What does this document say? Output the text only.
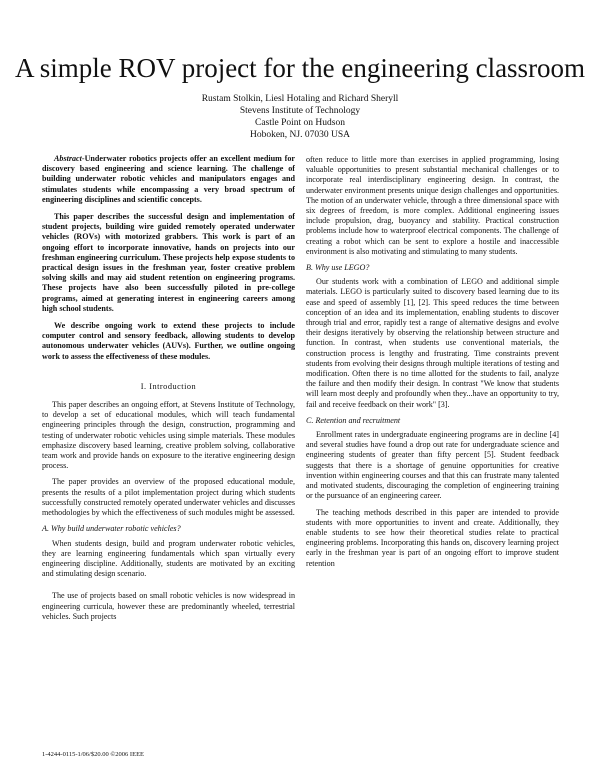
A simple ROV project for the engineering classroom
Rustam Stolkin, Liesl Hotaling and Richard Sheryll
Stevens Institute of Technology
Castle Point on Hudson
Hoboken, NJ. 07030 USA

Abstract-Underwater robotics projects offer an excellent medium for discovery based engineering and science learning. The challenge of building underwater robotic vehicles and manipulators engages and stimulates students while encompassing a very broad spectrum of engineering disciplines and scientific concepts.

This paper describes the successful design and implementation of student projects, building wire guided remotely operated underwater vehicles (ROVs) with motorized grabbers. This work is part of an ongoing effort to incorporate innovative, hands on projects into our freshman engineering curriculum. These projects help expose students to practical design issues in the freshman year, foster creative problem solving skills and may aid student retention on engineering programs. These projects have also been successfully piloted in pre-college programs, aimed at generating interest in engineering careers among high school students.

We describe ongoing work to extend these projects to include computer control and sensory feedback, allowing students to develop autonomous underwater vehicles (AUVs). Further, we outline ongoing work to assess the effectiveness of these modules.

I. Introduction

This paper describes an ongoing effort, at Stevens Institute of Technology, to develop a set of educational modules, which will teach fundamental engineering principles through the design, construction, programming and testing of underwater robotic vehicles using simple materials. These modules emphasize discovery based learning, creative problem solving, collaborative team work and provide hands on exposure to the iterative engineering design process.

The paper provides an overview of the proposed educational module, presents the results of a pilot implementation project during which students successfully constructed remotely operated underwater vehicles and discusses methodologies by which the effectiveness of such modules might be assessed.

A. Why build underwater robotic vehicles?

When students design, build and program underwater robotic vehicles, they are learning engineering fundamentals which span virtually every engineering discipline. Additionally, students are motivated by an exciting and stimulating design scenario.

The use of projects based on small robotic vehicles is now widespread in engineering curricula, however these are predominantly wheeled, terrestrial vehicles. Such projects

often reduce to little more than exercises in applied programming, losing valuable opportunities to present substantial mechanical challenges or to incorporate real interdisciplinary engineering design. In contrast, the underwater environment presents unique design challenges and opportunities. The motion of an underwater vehicle, through a three dimensional space with six degrees of freedom, is more complex. Additional engineering issues include propulsion, drag, buoyancy and stability. Practical construction problems include how to waterproof electrical components. The challenge of creating a robot which can be sent to explore a hostile and inaccessible environment is also motivating and stimulating to many students.

B. Why use LEGO?

Our students work with a combination of LEGO and additional simple materials. LEGO is particularly suited to discovery based learning due to its ease and speed of assembly [1], [2]. This speed reduces the time between conception of an idea and its implementation, enabling students to discover through trial and error, rapidly test a range of alternative designs and evolve their designs iteratively by observing the relationship between structure and function. In contrast, when students use conventional materials, the construction process is lengthy and frustrating. Time constraints prevent students from evolving their designs through multiple iterations of testing and modification. Often there is no time allotted for the students to fail, analyze the failure and then modify their design. In contrast "We know that students will learn most deeply and profoundly when they...have an opportunity to try, fail and receive feedback on their work" [3].

C. Retention and recruitment

Enrollment rates in undergraduate engineering programs are in decline [4] and several studies have found a drop out rate for undergraduate science and engineering students of greater than fifty percent [5]. Student feedback suggests that there is a shortage of genuine opportunities for creative invention within engineering courses and that this can frustrate many talented and motivated students, discouraging the completion of engineering training or the pursuance of an engineering career.

The teaching methods described in this paper are intended to provide students with more opportunities to invent and create. Additionally, they enable students to see how their theoretical studies relate to practical engineering problems. Incorporating this hands on, discovery learning project early in the freshman year is part of an ongoing effort to improve student retention

1-4244-0115-1/06/$20.00 ©2006 IEEE
